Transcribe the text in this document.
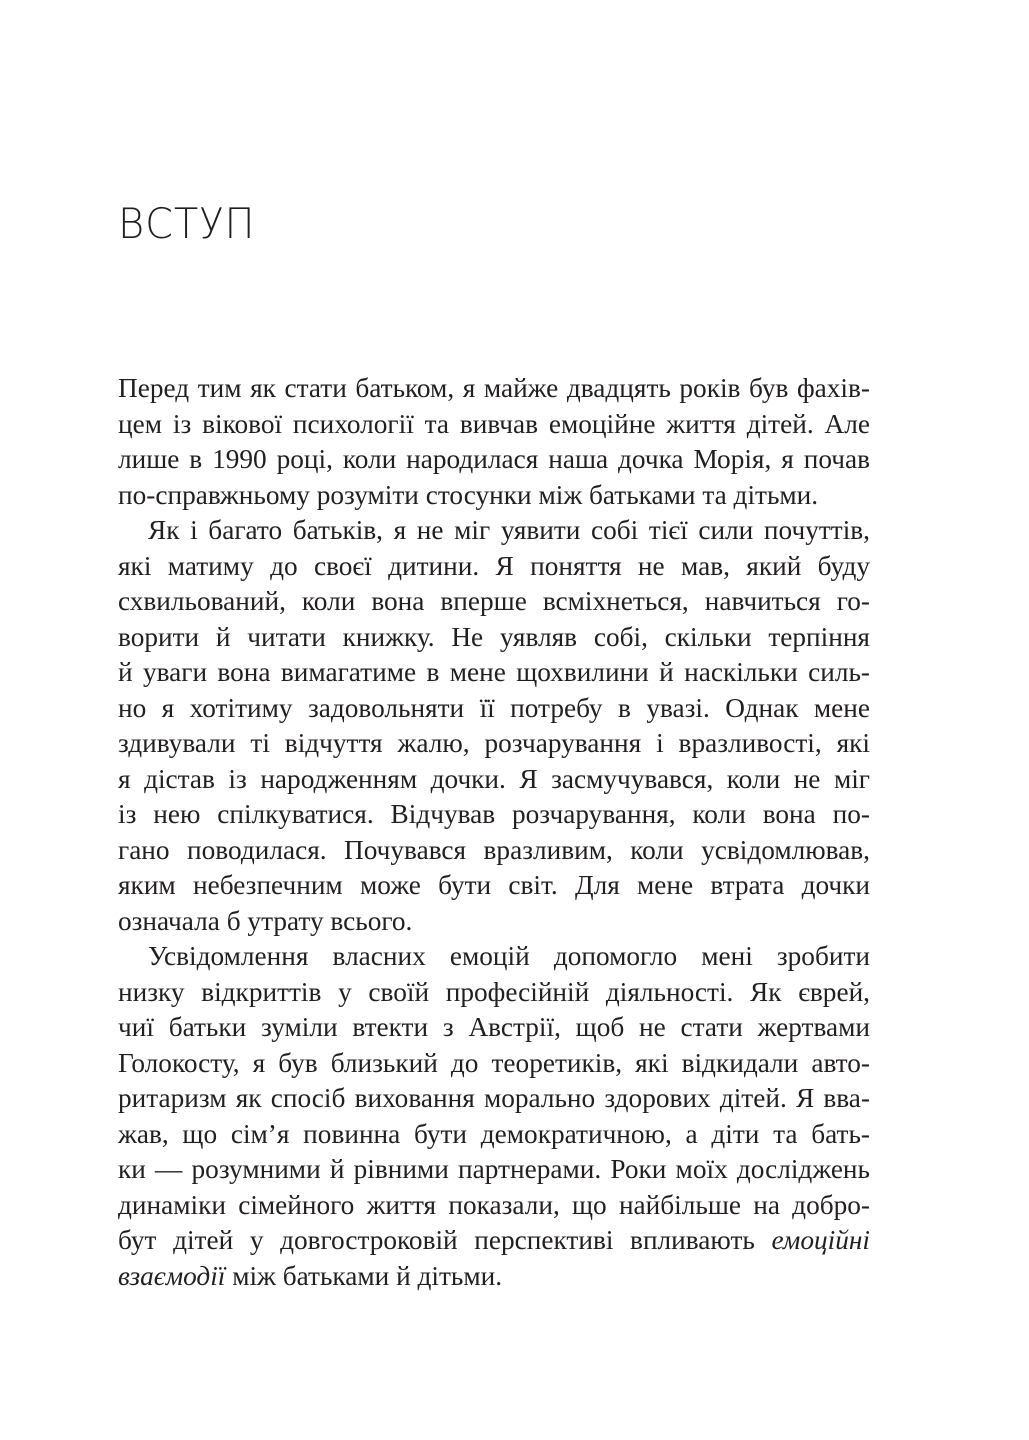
ВСТУП
Перед тим як стати батьком, я майже двадцять років був фахів-
цем із вікової психології та вивчав емоційне життя дітей. Але
лише в 1990 році, коли народилася наша дочка Морія, я почав
по-справжньому розуміти стосунки між батьками та дітьми.
Як і багато батьків, я не міг уявити собі тієї сили почуттів,
які матиму до своєї дитини. Я поняття не мав, який буду
схвильований, коли вона вперше всміхнеться, навчиться го-
ворити й читати книжку. Не уявляв собі, скільки терпіння
й уваги вона вимагатиме в мене щохвилини й наскільки силь-
но я хотітиму задовольняти її потребу в увазі. Однак мене
здивували ті відчуття жалю, розчарування і вразливості, які
я дістав із народженням дочки. Я засмучувався, коли не міг
із нею спілкуватися. Відчував розчарування, коли вона по-
гано поводилася. Почувався вразливим, коли усвідомлював,
яким небезпечним може бути світ. Для мене втрата дочки
означала б утрату всього.
Усвідомлення власних емоцій допомогло мені зробити
низку відкриттів у своїй професійній діяльності. Як єврей,
чиї батьки зуміли втекти з Австрії, щоб не стати жертвами
Голокосту, я був близький до теоретиків, які відкидали авто-
ритаризм як спосіб виховання морально здорових дітей. Я вва-
жав, що сім’я повинна бути демократичною, а діти та бать-
ки — розумними й рівними партнерами. Роки моїх досліджень
динаміки сімейного життя показали, що найбільше на добро-
бут дітей у довгостроковій перспективі впливають емоційні
взаємодії між батьками й дітьми.
